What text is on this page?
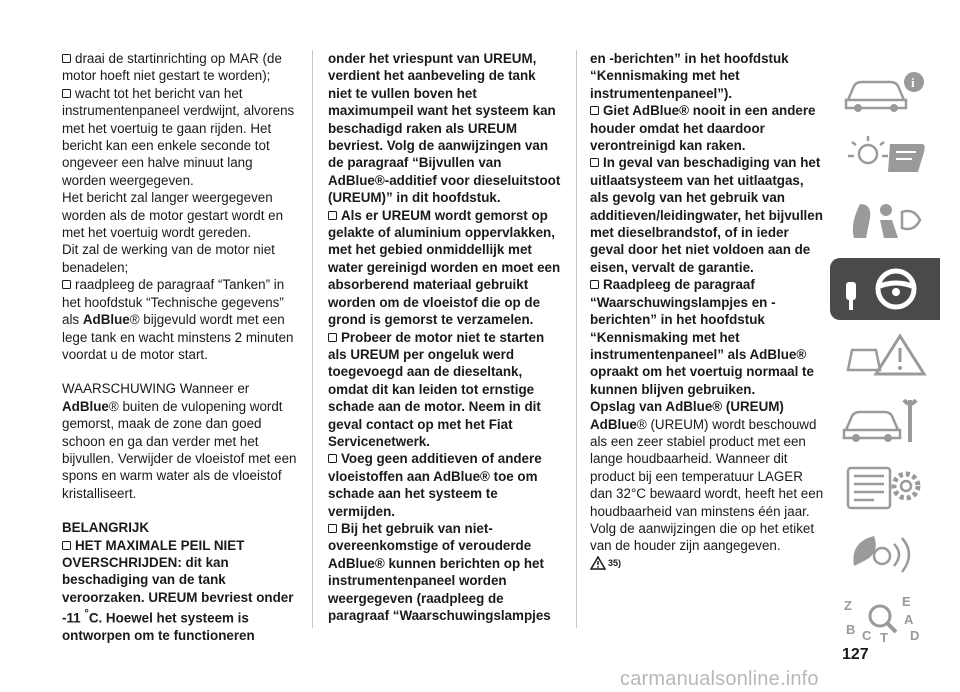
draai de startinrichting op MAR (de motor hoeft niet gestart te worden);

wacht tot het bericht van het instrumentenpaneel verdwijnt, alvorens met het voertuig te gaan rijden. Het bericht kan een enkele seconde tot ongeveer een halve minuut lang worden weergegeven.

Het bericht zal langer weergegeven worden als de motor gestart wordt en met het voertuig wordt gereden.

Dit zal de werking van de motor niet benadelen;

raadpleeg de paragraaf “Tanken” in het hoofdstuk “Technische gegevens” als AdBlue® bijgevuld wordt met een lege tank en wacht minstens 2 minuten voordat u de motor start.

WAARSCHUWING Wanneer er
AdBlue® buiten de vulopening wordt gemorst, maak de zone dan goed schoon en ga dan verder met het bijvullen. Verwijder de vloeistof met een spons en warm water als de vloeistof kristalliseert.

BELANGRIJK

HET MAXIMALE PEIL NIET OVERSCHRIJDEN: dit kan beschadiging van de tank veroorzaken. UREUM bevriest onder -11 °C. Hoewel het systeem is ontworpen om te functioneren

onder het vriespunt van UREUM, verdient het aanbeveling de tank niet te vullen boven het maximumpeil want het systeem kan beschadigd raken als UREUM bevriest. Volg de aanwijzingen van de paragraaf “Bijvullen van AdBlue®-additief voor dieseluitstoot (UREUM)” in dit hoofdstuk.

Als er UREUM wordt gemorst op gelakte of aluminium oppervlakken, met het gebied onmiddellijk met water gereinigd worden en moet een absorberend materiaal gebruikt worden om de vloeistof die op de grond is gemorst te verzamelen.

Probeer de motor niet te starten als UREUM per ongeluk werd toegevoegd aan de dieseltank, omdat dit kan leiden tot ernstige schade aan de motor. Neem in dit geval contact op met het Fiat Servicenetwerk.

Voeg geen additieven of andere vloeistoffen aan AdBlue® toe om schade aan het systeem te vermijden.

Bij het gebruik van niet-overeenkomstige of verouderde AdBlue® kunnen berichten op het instrumentenpaneel worden weergegeven (raadpleeg de paragraaf “Waarschuwingslampjes

en -berichten” in het hoofdstuk “Kennismaking met het instrumentenpaneel”).

Giet AdBlue® nooit in een andere houder omdat het daardoor verontreinigd kan raken.

In geval van beschadiging van het uitlaatsysteem van het uitlaatgas, als gevolg van het gebruik van additieven/leidingwater, het bijvullen met dieselbrandstof, of in ieder geval door het niet voldoen aan de eisen, vervalt de garantie.

Raadpleeg de paragraaf “Waarschuwingslampjes en -berichten” in het hoofdstuk “Kennismaking met het instrumentenpaneel” als AdBlue® opraakt om het voertuig normaal te kunnen blijven gebruiken.

Opslag van AdBlue® (UREUM)

AdBlue® (UREUM) wordt beschouwd als een zeer stabiel product met een lange houdbaarheid. Wanneer dit product bij een temperatuur LAGER dan 32°C bewaard wordt, heeft het een houdbaarheid van minstens één jaar.

Volg de aanwijzingen die op het etiket van de houder zijn aangegeven.

35)

i
Z	E
B C T
A
D
127
carmanualsonline.info
